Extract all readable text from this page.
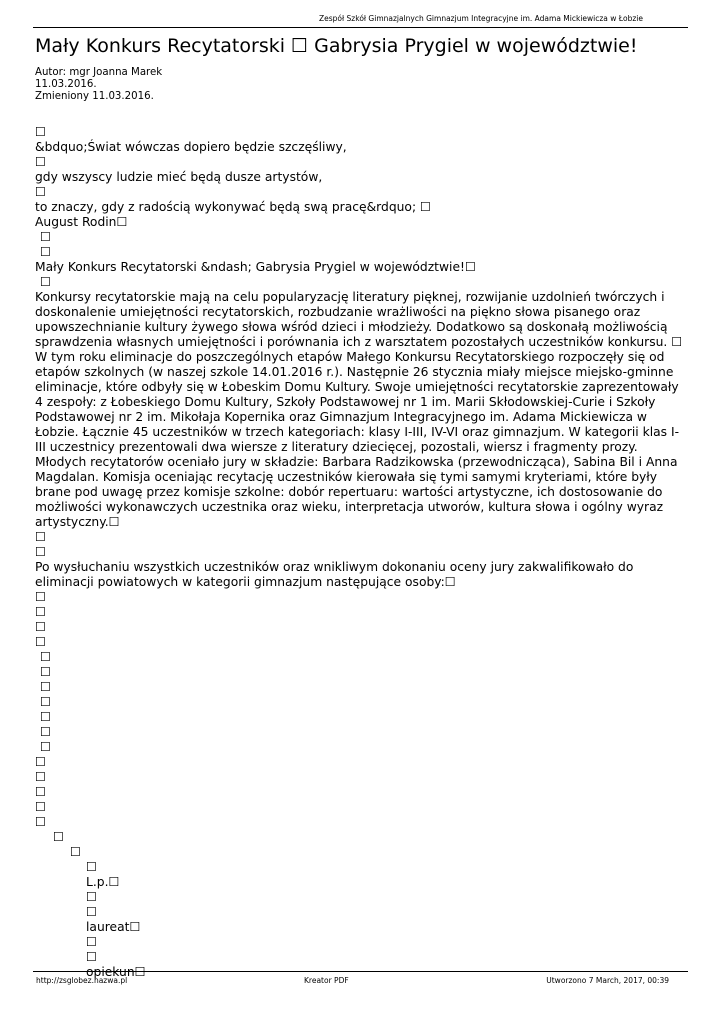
Zespół Szkół Gimnazjalnych Gimnazjum Integracyjne im. Adama Mickiewicza w Łobzie
Mały Konkurs Recytatorski ☐ Gabrysia Prygiel w województwie!
Autor: mgr Joanna Marek
11.03.2016.
Zmieniony 11.03.2016.
☐
&bdquo;Świat wówczas dopiero będzie szczęśliwy,
☐
gdy wszyscy ludzie mieć będą dusze artystów,
☐
to znaczy, gdy z radością wykonywać będą swą pracę&rdquo; ☐
August Rodin☐
☐
☐
Mały Konkurs Recytatorski &ndash; Gabrysia Prygiel w województwie!☐
☐
Konkursy recytatorskie mają na celu popularyzację literatury pięknej, rozwijanie uzdolnień twórczych i doskonalenie umiejętności recytatorskich, rozbudzanie wrażliwości na piękno słowa pisanego oraz upowszechnianie kultury żywego słowa wśród dzieci i młodzieży. Dodatkowo są doskonałą możliwością sprawdzenia własnych umiejętności i porównania ich z warsztatem pozostałych uczestników konkursu. ☐ W tym roku eliminacje do poszczególnych etapów Małego Konkursu Recytatorskiego rozpoczęły się od etapów szkolnych (w naszej szkole 14.01.2016 r.). Następnie 26 stycznia miały miejsce miejsko-gminne eliminacje, które odbyły się w Łobeskim Domu Kultury. Swoje umiejętności recytatorskie zaprezentowały 4 zespoły: z Łobeskiego Domu Kultury, Szkoły Podstawowej nr 1 im. Marii Skłodowskiej-Curie i Szkoły Podstawowej nr 2 im. Mikołaja Kopernika oraz Gimnazjum Integracyjnego im. Adama Mickiewicza w Łobzie. Łącznie 45 uczestników w trzech kategoriach: klasy I-III, IV-VI oraz gimnazjum. W kategorii klas I-III uczestnicy prezentowali dwa wiersze z literatury dziecięcej, pozostali, wiersz i fragmenty prozy. Młodych recytatorów oceniało jury w składzie: Barbara Radzikowska (przewodnicząca), Sabina Bil i Anna Magdalan. Komisja oceniając recytację uczestników kierowała się tymi samymi kryteriami, które były brane pod uwagę przez komisje szkolne: dobór repertuaru: wartości artystyczne, ich dostosowanie do możliwości wykonawczych uczestnika oraz wieku, interpretacja utworów, kultura słowa i ogólny wyraz artystyczny.☐
☐
☐
Po wysłuchaniu wszystkich uczestników oraz wnikliwym dokonaniu oceny jury zakwalifikowało do eliminacji powiatowych w kategorii gimnazjum następujące osoby:☐
☐
☐
☐
☐
☐
☐
☐
☐
☐
☐
☐
☐
☐
☐
☐
☐
☐
☐
☐
L.p.☐
☐
☐
laureat☐
☐
☐
opiekun☐
http://zsglobez.nazwa.pl	Kreator PDF	Utworzono 7 March, 2017, 00:39
